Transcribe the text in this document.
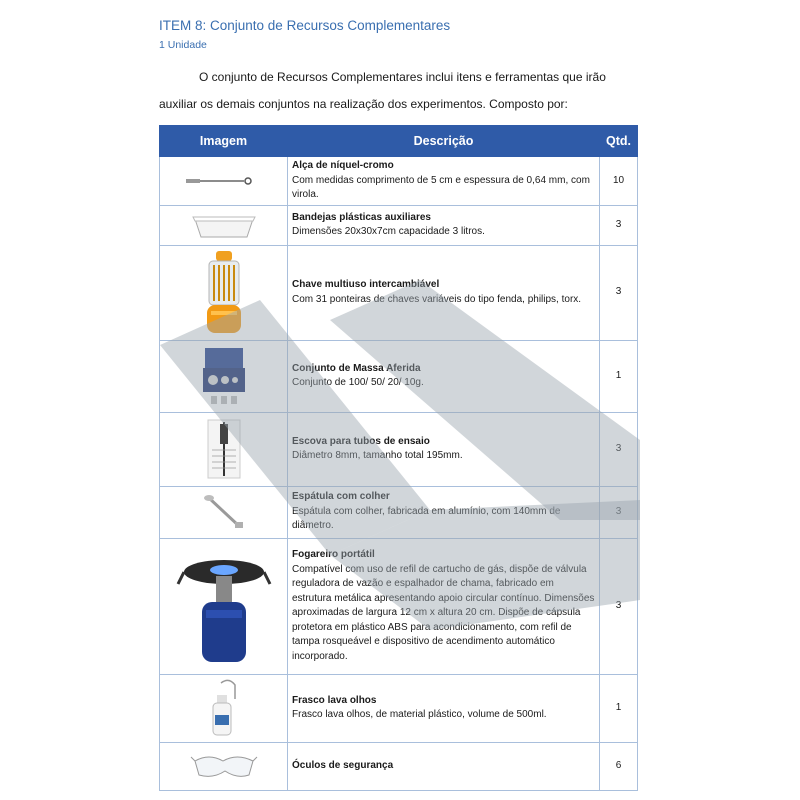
ITEM 8: Conjunto de Recursos Complementares
1 Unidade
O conjunto de Recursos Complementares inclui itens e ferramentas que irão
auxiliar os demais conjuntos na realização dos experimentos. Composto por:
Imagem	Descrição	Qtd.

Alça de níquel-cromo
Com medidas comprimento de 5 cm e espessura de 0,64 mm, com virola.	10

Bandejas plásticas auxiliares
Dimensões 20x30x7cm capacidade 3 litros.	3

Chave multiuso intercambiável
Com 31 ponteiras de chaves variáveis do tipo fenda, philips, torx.	3

Conjunto de Massa Aferida
Conjunto de 100/ 50/ 20/ 10g.	1

Escova para tubos de ensaio
Diâmetro 8mm, tamanho total 195mm.	3

Espátula com colher
Espátula com colher, fabricada em alumínio, com 140mm de diâmetro.	3

Fogareiro portátil
Compatível com uso de refil de cartucho de gás, dispõe de válvula reguladora de vazão e espalhador de chama, fabricado em estrutura metálica apresentando apoio circular contínuo. Dimensões aproximadas de largura 12 cm x altura 20 cm. Dispõe de cápsula protetora em plástico ABS para acondicionamento, com refil de tampa rosqueável e dispositivo de acendimento automático incorporado.	3

Frasco lava olhos
Frasco lava olhos, de material plástico, volume de 500ml.	1

Óculos de segurança	6
